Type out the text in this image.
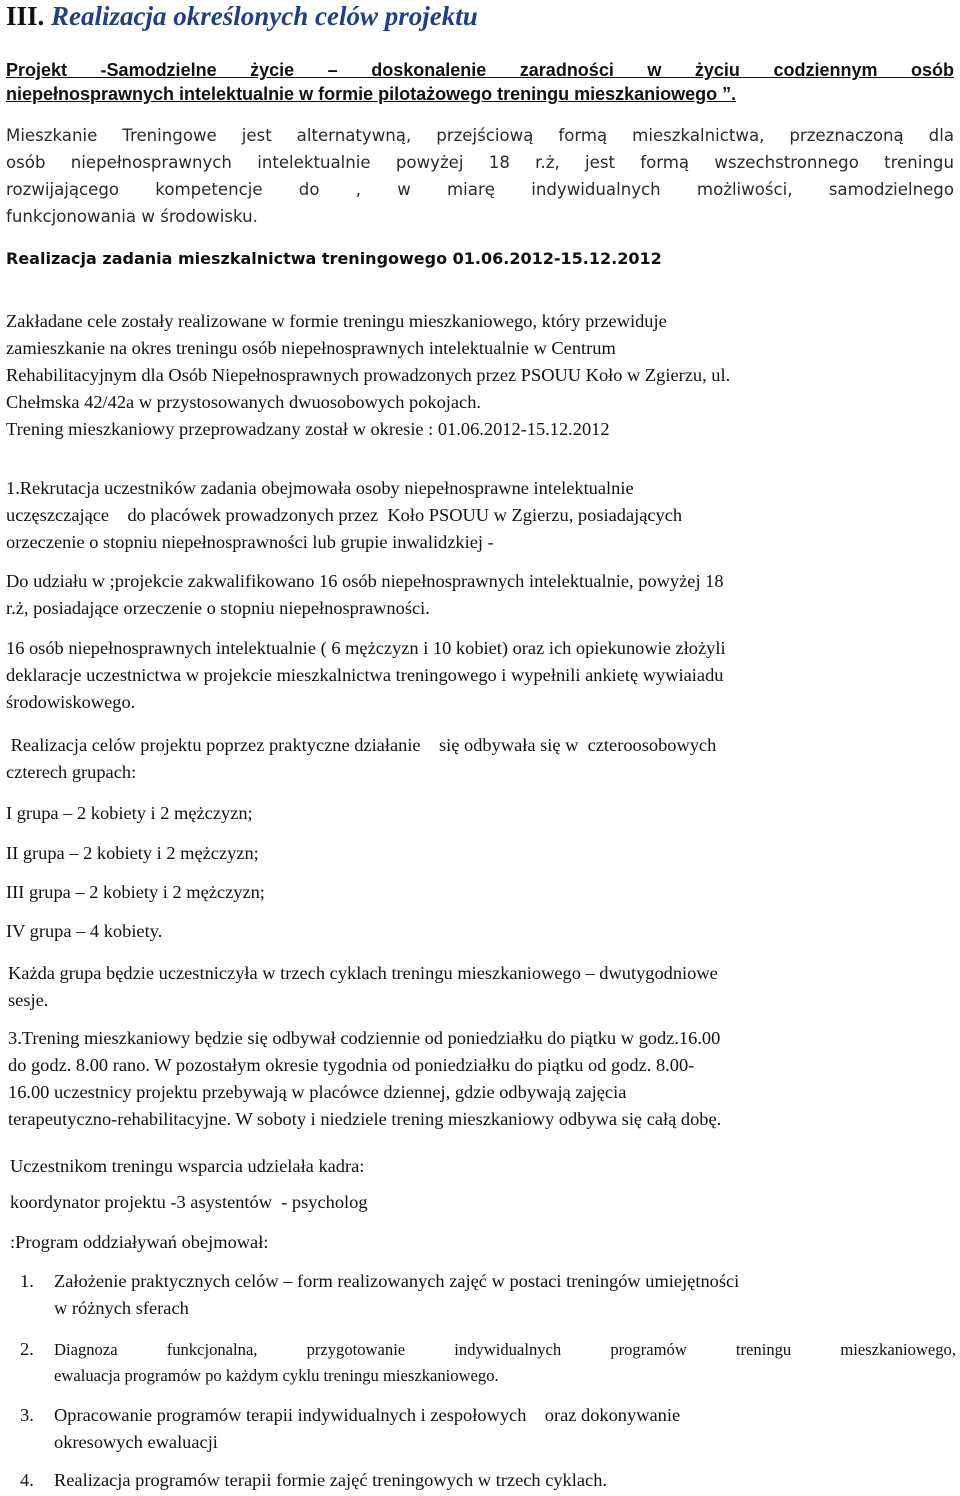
III. Realizacja określonych celów projektu
Projekt -Samodzielne życie – doskonalenie zaradności w życiu codziennym osób
niepełnosprawnych intelektualnie w formie pilotażowego treningu mieszkaniowego ”.
Mieszkanie Treningowe jest alternatywną, przejściową formą mieszkalnictwa, przeznaczoną dla
osób niepełnosprawnych intelektualnie powyżej 18 r.ż, jest formą wszechstronnego treningu
rozwijającego kompetencje do , w miarę indywidualnych możliwości, samodzielnego
funkcjonowania w środowisku.
Realizacja zadania mieszkalnictwa treningowego 01.06.2012-15.12.2012
Zakładane cele zostały realizowane w formie treningu mieszkaniowego, który przewiduje
zamieszkanie na okres treningu osób niepełnosprawnych intelektualnie w Centrum
Rehabilitacyjnym dla Osób Niepełnosprawnych prowadzonych przez PSOUU Koło w Zgierzu, ul.
Chełmska 42/42a w przystosowanych dwuosobowych pokojach.
Trening mieszkaniowy przeprowadzany został w okresie : 01.06.2012-15.12.2012
1.Rekrutacja uczestników zadania obejmowała osoby niepełnosprawne intelektualnie
uczęszczające    do placówek prowadzonych przez  Koło PSOUU w Zgierzu, posiadających
orzeczenie o stopniu niepełnosprawności lub grupie inwalidzkiej -
Do udziału w ;projekcie zakwalifikowano 16 osób niepełnosprawnych intelektualnie, powyżej 18
r.ż, posiadające orzeczenie o stopniu niepełnosprawności.
16 osób niepełnosprawnych intelektualnie ( 6 mężczyzn i 10 kobiet) oraz ich opiekunowie złożyli
deklaracje uczestnictwa w projekcie mieszkalnictwa treningowego i wypełnili ankietę wywiaiadu
środowiskowego.
Realizacja celów projektu poprzez praktyczne działanie    się odbywała się w  czteroosobowych
czterech grupach:
I grupa – 2 kobiety i 2 mężczyzn;
II grupa – 2 kobiety i 2 mężczyzn;
III grupa – 2 kobiety i 2 mężczyzn;
IV grupa – 4 kobiety.
Każda grupa będzie uczestniczyła w trzech cyklach treningu mieszkaniowego – dwutygodniowe
sesje.
3.Trening mieszkaniowy będzie się odbywał codziennie od poniedziałku do piątku w godz.16.00
do godz. 8.00 rano. W pozostałym okresie tygodnia od poniedziałku do piątku od godz. 8.00-
16.00 uczestnicy projektu przebywają w placówce dziennej, gdzie odbywają zajęcia
terapeutyczno-rehabilitacyjne. W soboty i niedziele trening mieszkaniowy odbywa się całą dobę.
Uczestnikom treningu wsparcia udzielała kadra:
koordynator projektu -3 asystentów  - psycholog
:Program oddziaływań obejmował:
1. Założenie praktycznych celów – form realizowanych zajęć w postaci treningów umiejętności
w różnych sferach
2. Diagnoza funkcjonalna, przygotowanie indywidualnych programów treningu mieszkaniowego,
ewaluacja programów po każdym cyklu treningu mieszkaniowego.
3. Opracowanie programów terapii indywidualnych i zespołowych    oraz dokonywanie
okresowych ewaluacji
4. Realizacja programów terapii formie zajęć treningowych w trzech cyklach.
